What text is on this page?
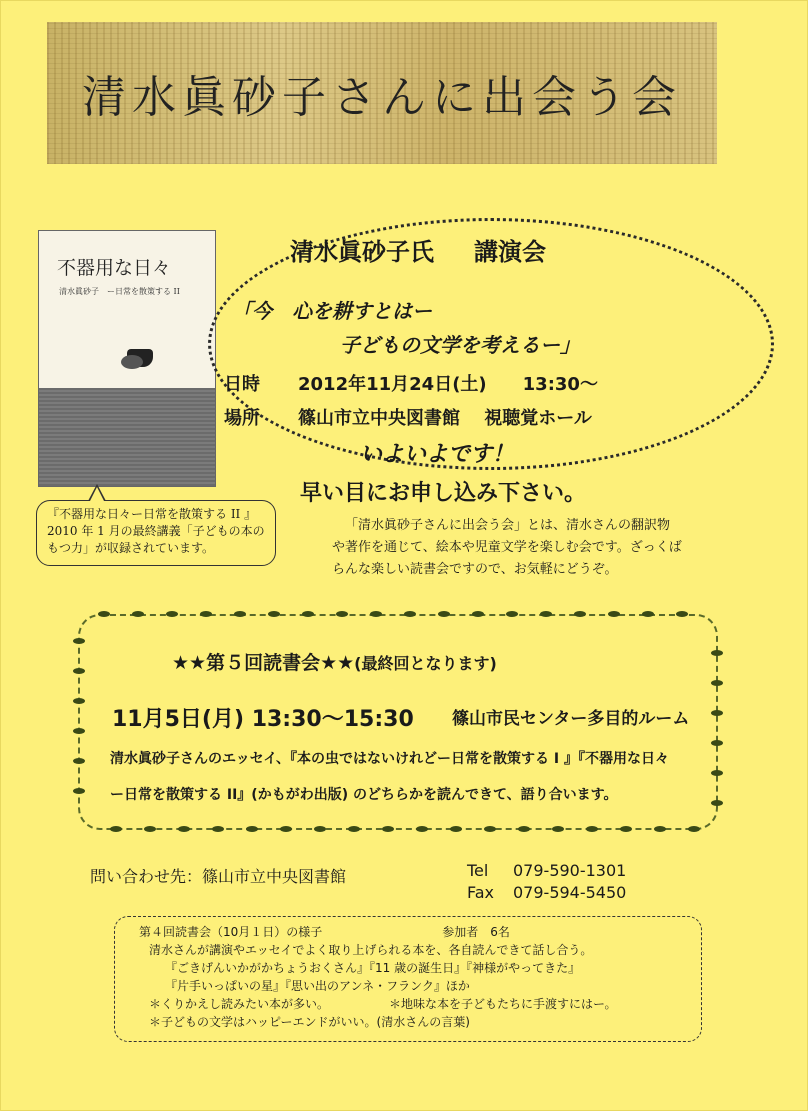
清水眞砂子さんに出会う会
不器用な日々
清水眞砂子　ー日常を散策する II
清水眞砂子氏 講演会
「今　心を耕すとはー
子どもの文学を考えるー」
日時 2012年11月24日(土)　　13:30～
場所 篠山市立中央図書館　 視聴覚ホール
いよいよです！
早い目にお申し込み下さい。
『不器用な日々ー日常を散策する II 』
2010 年 1 月の最終講義「子どもの本の
もつ力」が収録されています。

「清水眞砂子さんに出会う会」とは、清水さんの翻訳物や著作を通じて、絵本や児童文学を楽しむ会です。ざっくばらんな楽しい読書会ですので、お気軽にどうぞ。

★★第５回読書会★★(最終回となります)
11月5日(月) 13:30～15:30 篠山市民センター多目的ルーム
清水眞砂子さんのエッセイ、『本の虫ではないけれどー日常を散策する I 』『不器用な日々
ー日常を散策する II』(かもがわ出版) のどちらかを読んできて、語り合います。
問い合わせ先：篠山市立中央図書館	Tel 079-590-1301
Fax 079-594-5450
第４回読書会（10月１日）の様子	参加者　6名
清水さんが講演やエッセイでよく取り上げられる本を、各自読んできて話し合う。
『ごきげんいかがかちょうおくさん』『11 歳の誕生日』『神様がやってきた』
『片手いっぱいの星』『思い出のアンネ・フランク』ほか
＊くりかえし読みたい本が多い。	＊地味な本を子どもたちに手渡すにはー。
＊子どもの文学はハッピーエンドがいい。(清水さんの言葉)
